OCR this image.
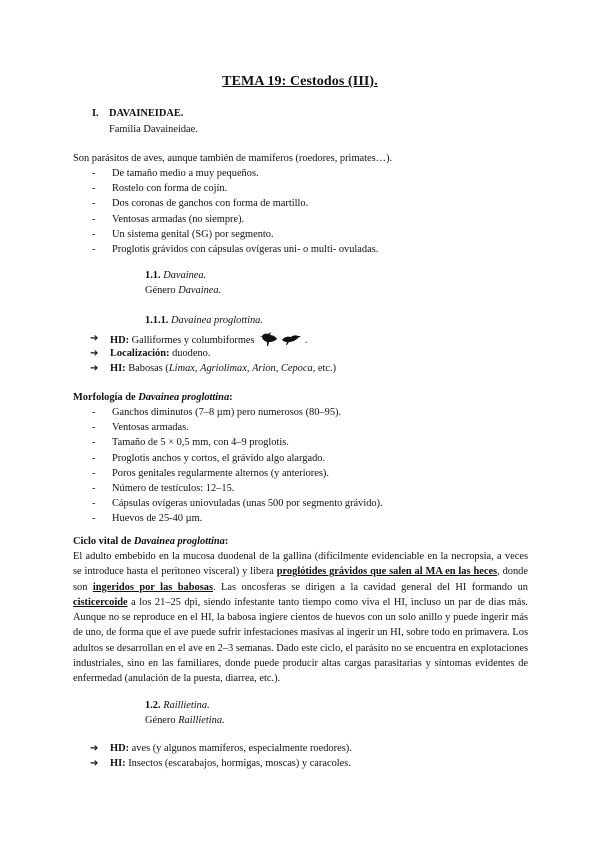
TEMA 19: Cestodos (III).
I. DAVAINEIDAE.
Familia Davaineidae.
Son parásitos de aves, aunque también de mamíferos (roedores, primates…).
- De tamaño medio a muy pequeños.
- Rostelo con forma de cojín.
- Dos coronas de ganchos con forma de martillo.
- Ventosas armadas (no siempre).
- Un sistema genital (SG) por segmento.
- Proglotis grávidos con cápsulas ovígeras uni- o multi- ovuladas.
1.1. Davainea.
Género Davainea.
1.1.1. Davainea proglottina.
➔ HD: Galliformes y columbiformes	.
➔ Localización: duodeno.
➔ HI: Babosas (Limax, Agriolimax, Arion, Cepoca, etc.)
Morfología de Davainea proglottina:
- Ganchos diminutos (7–8 µm) pero numerosos (80–95).
- Ventosas armadas.
- Tamaño de 5 × 0,5 mm, con 4–9 proglotis.
- Proglotis anchos y cortos, el grávido algo alargado.
- Poros genitales regularmente alternos (y anteriores).
- Número de testículos: 12–15.
- Cápsulas ovígeras uniovuladas (unas 500 por segmento grávido).
- Huevos de 25-40 µm.
Ciclo vital de Davainea proglottina:
El adulto embebido en la mucosa duodenal de la gallina (difícilmente evidenciable en la necropsia, a veces se introduce hasta el peritoneo visceral) y libera proglótides grávidos que salen al MA en las heces, donde son ingeridos por las babosas. Las oncosferas se dirigen a la cavidad general del HI formando un cisticercoide a los 21–25 dpi, siendo infestante tanto tiempo como viva el HI, incluso un par de días más. Aunque no se reproduce en el HI, la babosa ingiere cientos de huevos con un solo anillo y puede ingerir más de uno, de forma que el ave puede sufrir infestaciones masivas al ingerir un HI, sobre todo en primavera. Los adultos se desarrollan en el ave en 2–3 semanas. Dado este ciclo, el parásito no se encuentra en explotaciones industriales, sino en las familiares, donde puede producir altas cargas parasitarias y síntomas evidentes de enfermedad (anulación de la puesta, diarrea, etc.).
1.2. Raillietina.
Género Raillietina.
➔ HD: aves (y algunos mamíferos, especialmente roedores).
➔ HI: Insectos (escarabajos, hormigas, moscas) y caracoles.
